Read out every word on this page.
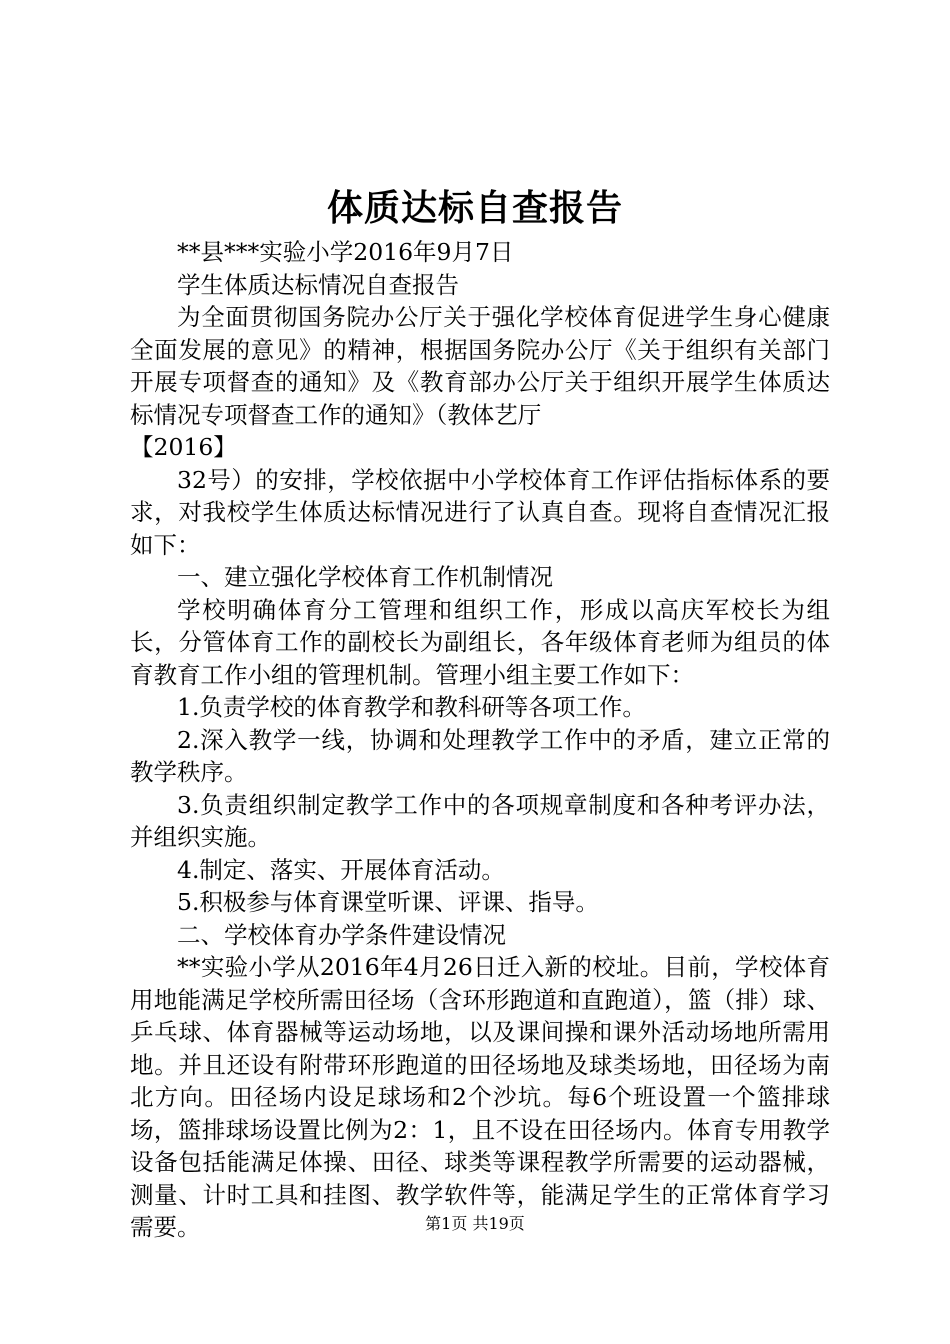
体质达标自查报告

**县***实验小学2016年9月7日

学生体质达标情况自查报告

为全面贯彻国务院办公厅关于强化学校体育促进学生身心健康全面发展的意见》的精神，根据国务院办公厅《关于组织有关部门开展专项督查的通知》及《教育部办公厅关于组织开展学生体质达标情况专项督查工作的通知》（教体艺厅

【2016】

32号）的安排，学校依据中小学校体育工作评估指标体系的要求，对我校学生体质达标情况进行了认真自查。现将自查情况汇报如下：

一、建立强化学校体育工作机制情况

学校明确体育分工管理和组织工作，形成以高庆军校长为组长，分管体育工作的副校长为副组长，各年级体育老师为组员的体育教育工作小组的管理机制。管理小组主要工作如下：

1.负责学校的体育教学和教科研等各项工作。

2.深入教学一线，协调和处理教学工作中的矛盾，建立正常的教学秩序。

3.负责组织制定教学工作中的各项规章制度和各种考评办法，并组织实施。

4.制定、落实、开展体育活动。

5.积极参与体育课堂听课、评课、指导。

二、学校体育办学条件建设情况

**实验小学从2016年4月26日迁入新的校址。目前，学校体育用地能满足学校所需田径场（含环形跑道和直跑道），篮（排）球、乒乓球、体育器械等运动场地，以及课间操和课外活动场地所需用地。并且还设有附带环形跑道的田径场地及球类场地，田径场为南北方向。田径场内设足球场和2个沙坑。每6个班设置一个篮排球场，篮排球场设置比例为2：1，且不设在田径场内。体育专用教学设备包括能满足体操、田径、球类等课程教学所需要的运动器械，测量、计时工具和挂图、教学软件等，能满足学生的正常体育学习需要。	第1页 共19页
